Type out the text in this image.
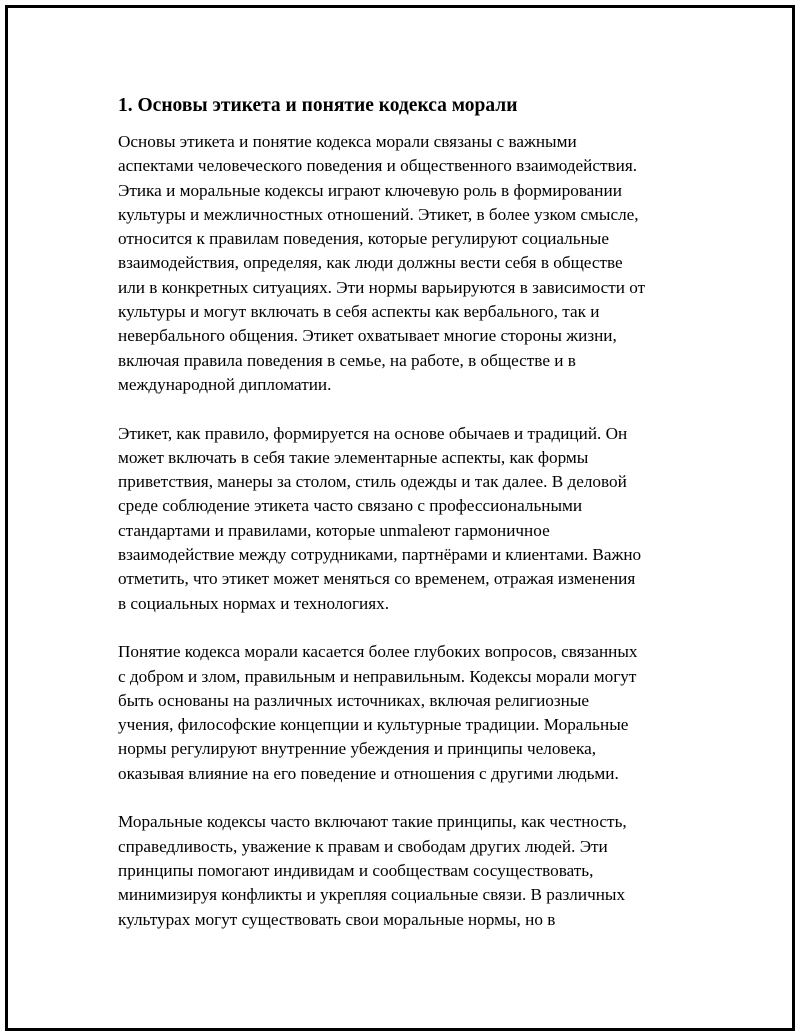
1. Основы этикета и понятие кодекса морали
Основы этикета и понятие кодекса морали связаны с важными
аспектами человеческого поведения и общественного взаимодействия.
Этика и моральные кодексы играют ключевую роль в формировании
культуры и межличностных отношений. Этикет, в более узком смысле,
относится к правилам поведения, которые регулируют социальные
взаимодействия, определяя, как люди должны вести себя в обществе
или в конкретных ситуациях. Эти нормы варьируются в зависимости от
культуры и могут включать в себя аспекты как вербального, так и
невербального общения. Этикет охватывает многие стороны жизни,
включая правила поведения в семье, на работе, в обществе и в
международной дипломатии.
Этикет, как правило, формируется на основе обычаев и традиций. Он
может включать в себя такие элементарные аспекты, как формы
приветствия, манеры за столом, стиль одежды и так далее. В деловой
среде соблюдение этикета часто связано с профессиональными
стандартами и правилами, которые unmaleют гармоничное
взаимодействие между сотрудниками, партнёрами и клиентами. Важно
отметить, что этикет может меняться со временем, отражая изменения
в социальных нормах и технологиях.
Понятие кодекса морали касается более глубоких вопросов, связанных
с добром и злом, правильным и неправильным. Кодексы морали могут
быть основаны на различных источниках, включая религиозные
учения, философские концепции и культурные традиции. Моральные
нормы регулируют внутренние убеждения и принципы человека,
оказывая влияние на его поведение и отношения с другими людьми.
Моральные кодексы часто включают такие принципы, как честность,
справедливость, уважение к правам и свободам других людей. Эти
принципы помогают индивидам и сообществам сосуществовать,
минимизируя конфликты и укрепляя социальные связи. В различных
культурах могут существовать свои моральные нормы, но в
